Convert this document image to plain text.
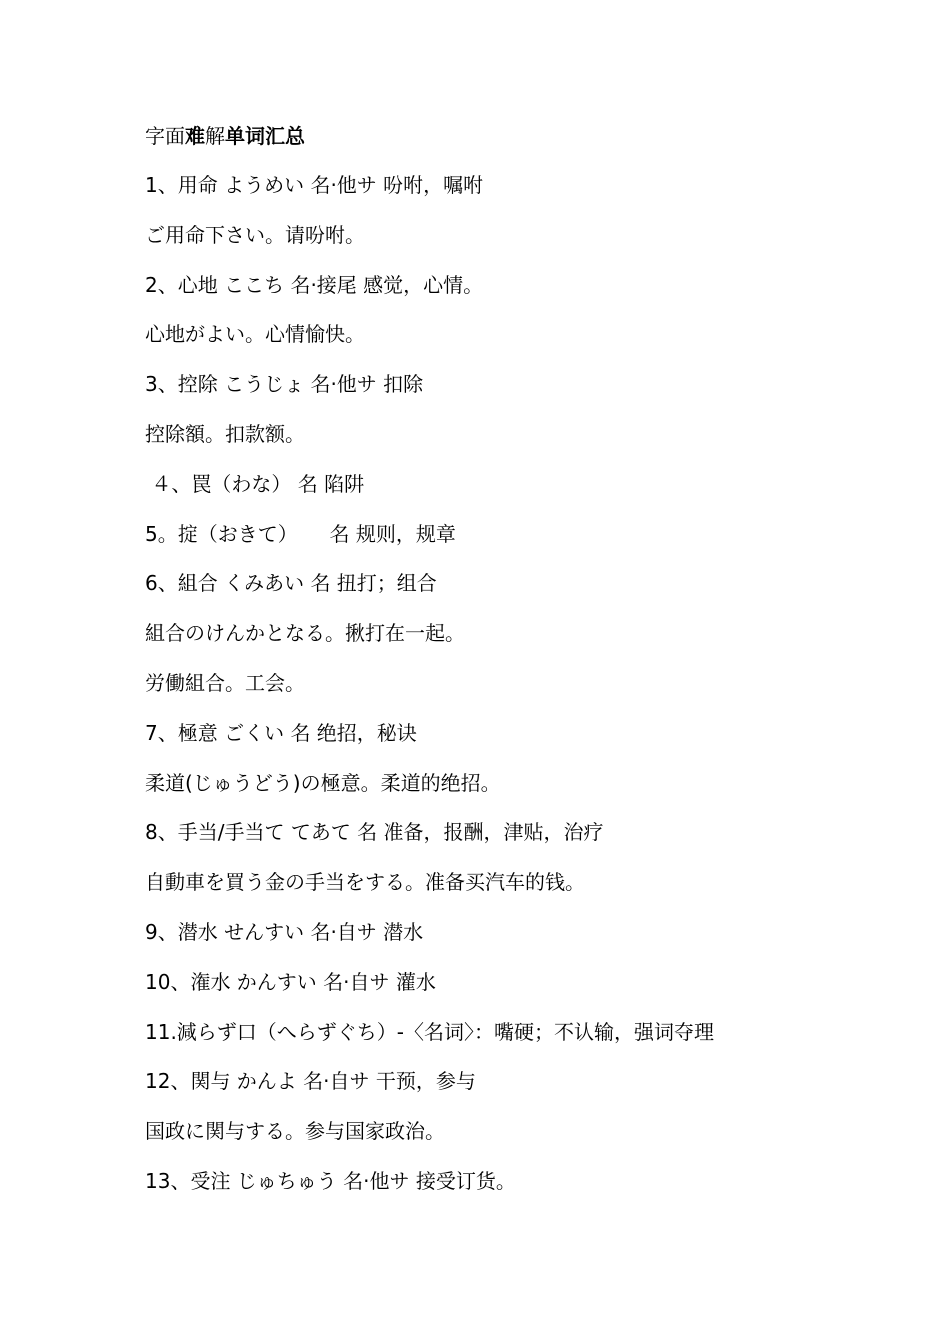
字面难解单词汇总
1、用命 ようめい 名·他サ 吩咐，嘱咐
ご用命下さい。请吩咐。
2、心地 ここち 名·接尾 感觉，心情。
心地がよい。心情愉快。
3、控除 こうじょ 名·他サ 扣除
控除額。扣款额。
４、罠（わな） 名 陷阱
5。掟（おきて）     名 规则，规章
6、組合 くみあい 名 扭打；组合
組合のけんかとなる。揪打在一起。
労働組合。工会。
7、極意 ごくい 名 绝招，秘诀
柔道(じゅうどう)の極意。柔道的绝招。
8、手当/手当て てあて 名 准备，报酬，津贴，治疗
自動車を買う金の手当をする。准备买汽车的钱。
9、潜水 せんすい 名·自サ 潜水
10、潅水 かんすい 名·自サ 灌水
11.減らず口（へらずぐち）-〈名词〉：嘴硬；不认输，强词夺理
12、関与 かんよ 名·自サ 干预，参与
国政に関与する。参与国家政治。
13、受注 じゅちゅう 名·他サ 接受订货。
